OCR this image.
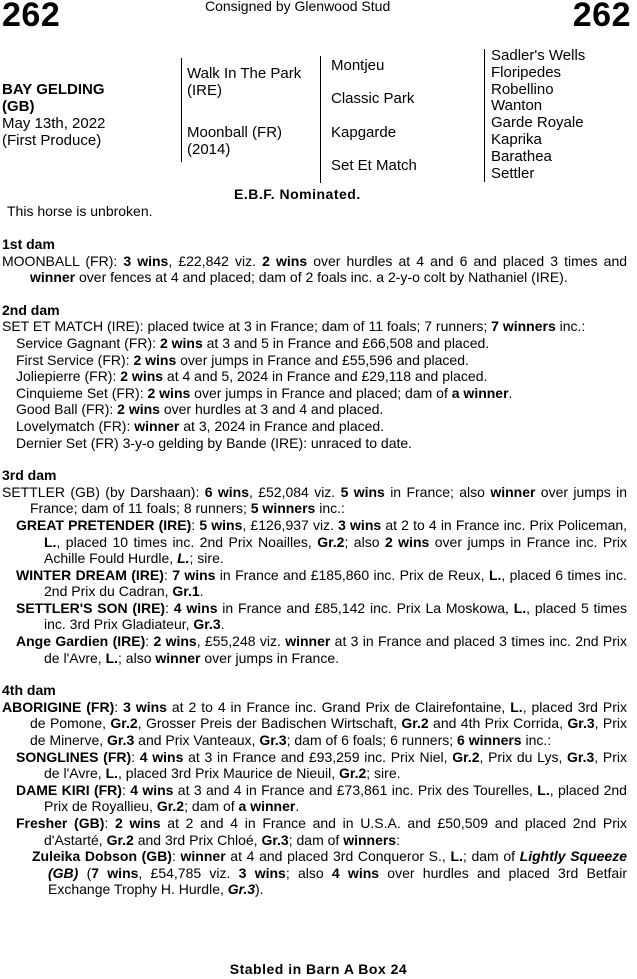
262	Consigned by Glenwood Stud	262
BAY GELDING
(GB)
May 13th, 2022
(First Produce)
Walk In The Park
(IRE)
Moonball (FR)
(2014)
Montjeu
Classic Park
Kapgarde
Set Et Match
Sadler's Wells
Floripedes
Robellino
Wanton
Garde Royale
Kaprika
Barathea
Settler
E.B.F. Nominated.
This horse is unbroken.

1st dam

MOONBALL (FR): 3 wins, £22,842 viz. 2 wins over hurdles at 4 and 6 and placed 3 times and winner over fences at 4 and placed; dam of 2 foals inc. a 2-y-o colt by Nathaniel (IRE).

2nd dam

SET ET MATCH (IRE): placed twice at 3 in France; dam of 11 foals; 7 runners; 7 winners inc.:

Service Gagnant (FR): 2 wins at 3 and 5 in France and £66,508 and placed.

First Service (FR): 2 wins over jumps in France and £55,596 and placed.

Joliepierre (FR): 2 wins at 4 and 5, 2024 in France and £29,118 and placed.

Cinquieme Set (FR): 2 wins over jumps in France and placed; dam of a winner.

Good Ball (FR): 2 wins over hurdles at 3 and 4 and placed.

Lovelymatch (FR): winner at 3, 2024 in France and placed.

Dernier Set (FR) 3-y-o gelding by Bande (IRE): unraced to date.

3rd dam

SETTLER (GB) (by Darshaan): 6 wins, £52,084 viz. 5 wins in France; also winner over jumps in France; dam of 11 foals; 8 runners; 5 winners inc.:

GREAT PRETENDER (IRE): 5 wins, £126,937 viz. 3 wins at 2 to 4 in France inc. Prix Policeman, L., placed 10 times inc. 2nd Prix Noailles, Gr.2; also 2 wins over jumps in France inc. Prix Achille Fould Hurdle, L.; sire.

WINTER DREAM (IRE): 7 wins in France and £185,860 inc. Prix de Reux, L., placed 6 times inc. 2nd Prix du Cadran, Gr.1.

SETTLER'S SON (IRE): 4 wins in France and £85,142 inc. Prix La Moskowa, L., placed 5 times inc. 3rd Prix Gladiateur, Gr.3.

Ange Gardien (IRE): 2 wins, £55,248 viz. winner at 3 in France and placed 3 times inc. 2nd Prix de l'Avre, L.; also winner over jumps in France.

4th dam

ABORIGINE (FR): 3 wins at 2 to 4 in France inc. Grand Prix de Clairefontaine, L., placed 3rd Prix de Pomone, Gr.2, Grosser Preis der Badischen Wirtschaft, Gr.2 and 4th Prix Corrida, Gr.3, Prix de Minerve, Gr.3 and Prix Vanteaux, Gr.3; dam of 6 foals; 6 runners; 6 winners inc.:

SONGLINES (FR): 4 wins at 3 in France and £93,259 inc. Prix Niel, Gr.2, Prix du Lys, Gr.3, Prix de l'Avre, L., placed 3rd Prix Maurice de Nieuil, Gr.2; sire.

DAME KIRI (FR): 4 wins at 3 and 4 in France and £73,861 inc. Prix des Tourelles, L., placed 2nd Prix de Royallieu, Gr.2; dam of a winner.

Fresher (GB): 2 wins at 2 and 4 in France and in U.S.A. and £50,509 and placed 2nd Prix d'Astarté, Gr.2 and 3rd Prix Chloé, Gr.3; dam of winners:

Zuleika Dobson (GB): winner at 4 and placed 3rd Conqueror S., L.; dam of Lightly Squeeze (GB) (7 wins, £54,785 viz. 3 wins; also 4 wins over hurdles and placed 3rd Betfair Exchange Trophy H. Hurdle, Gr.3).

Stabled in Barn A Box 24
